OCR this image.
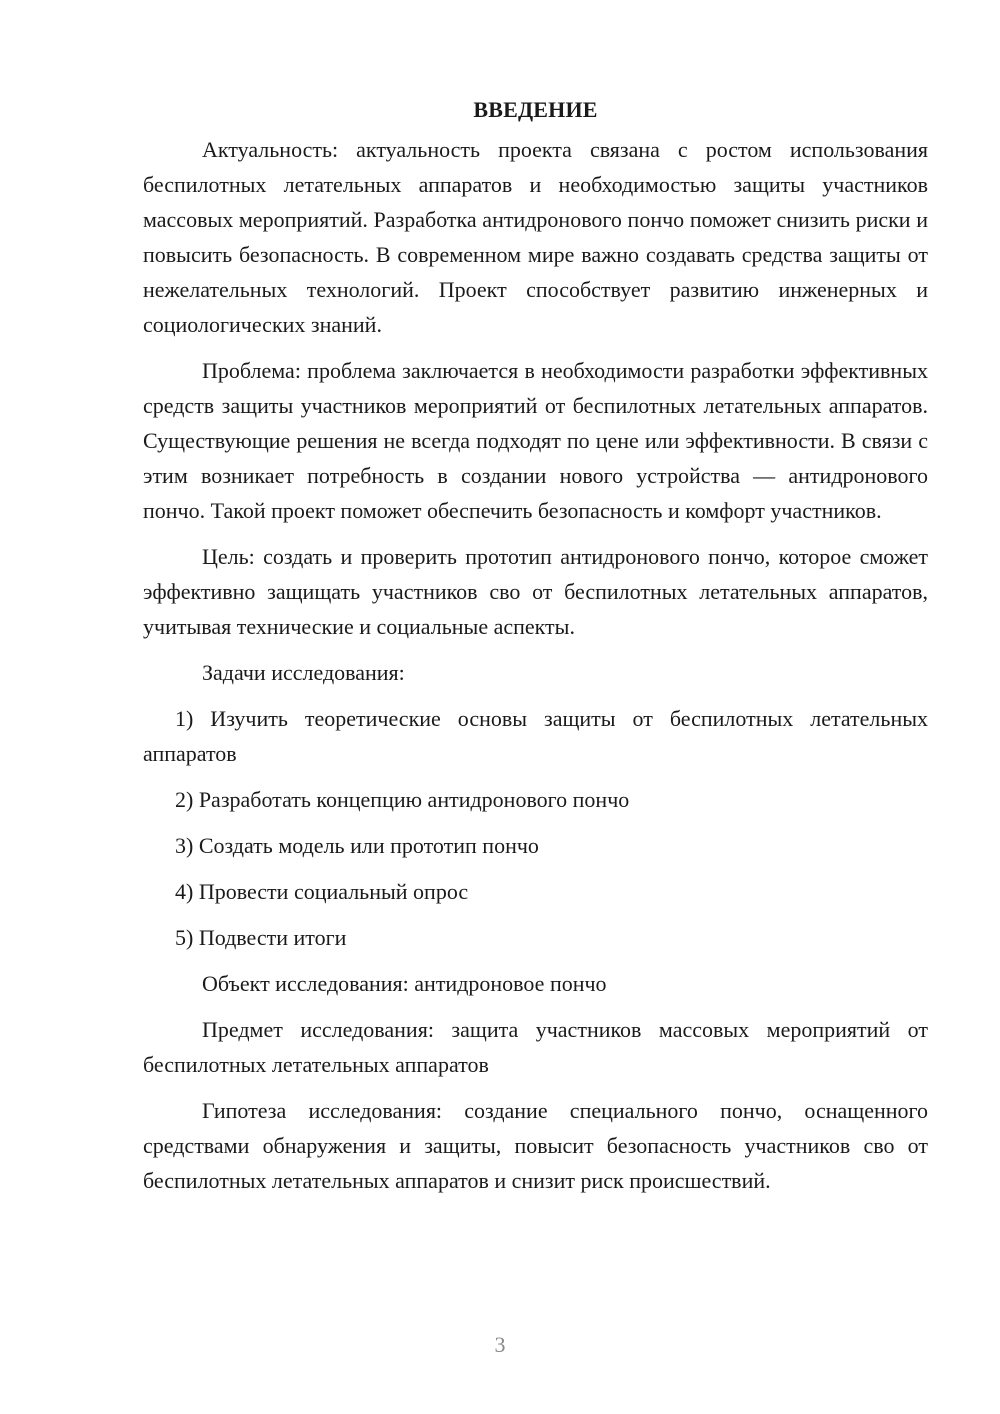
ВВЕДЕНИЕ

Актуальность: актуальность проекта связана с ростом использования беспилотных летательных аппаратов и необходимостью защиты участников массовых мероприятий. Разработка антидронового пончо поможет снизить риски и повысить безопасность. В современном мире важно создавать средства защиты от нежелательных технологий. Проект способствует развитию инженерных и социологических знаний.

Проблема: проблема заключается в необходимости разработки эффективных средств защиты участников мероприятий от беспилотных летательных аппаратов. Существующие решения не всегда подходят по цене или эффективности. В связи с этим возникает потребность в создании нового устройства — антидронового пончо. Такой проект поможет обеспечить безопасность и комфорт участников.

Цель: создать и проверить прототип антидронового пончо, которое сможет эффективно защищать участников сво от беспилотных летательных аппаратов, учитывая технические и социальные аспекты.

Задачи исследования:

1) Изучить теоретические основы защиты от беспилотных летательных аппаратов

2) Разработать концепцию антидронового пончо

3) Создать модель или прототип пончо

4) Провести социальный опрос

5) Подвести итоги

Объект исследования: антидроновое пончо

Предмет исследования: защита участников массовых мероприятий от беспилотных летательных аппаратов

Гипотеза исследования: создание специального пончо, оснащенного средствами обнаружения и защиты, повысит безопасность участников сво от беспилотных летательных аппаратов и снизит риск происшествий.

3
